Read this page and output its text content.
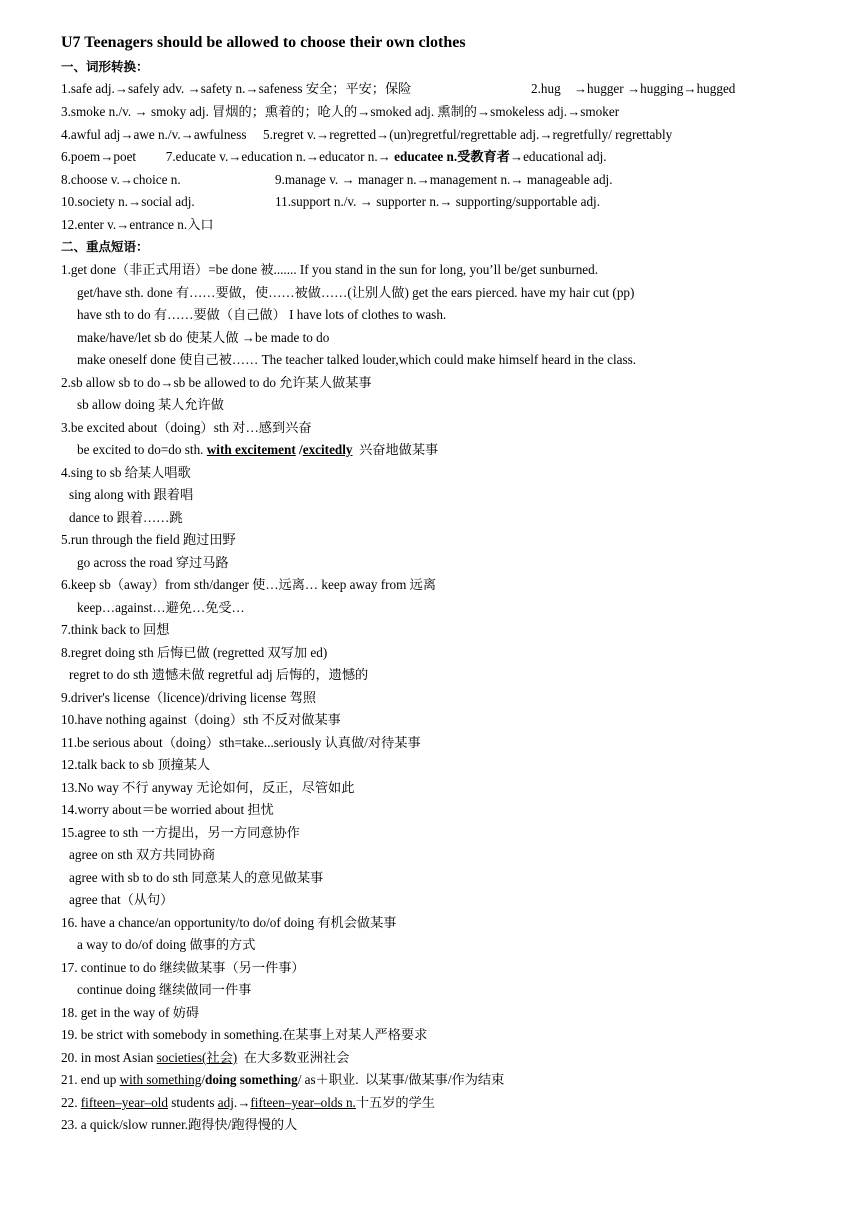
U7 Teenagers should be allowed to choose their own clothes
一、词形转换：
1.safe adj.→safely adv. →safety n.→safeness 安全；平安；保险	2.hug    →hugger →hugging→hugged
3.smoke n./v. → smoky adj. 冒烟的；熏着的；呛人的→smoked adj. 熏制的→smokeless adj.→smoker
4.awful adj→awe n./v.→awfulness     5.regret v.→regretted→(un)regretful/regrettable adj.→regretfully/ regrettably
6.poem→poet         7.educate v.→education n.→educator n.→ educatee n.受教育者→educational adj.
8.choose v.→choice n.	9.manage v. → manager n.→management n.→ manageable adj.
10.society n.→social adj.	11.support n./v. → supporter n.→ supporting/supportable adj.
12.enter v.→entrance n.入口
二、重点短语：
1.get done（非正式用语）=be done 被....... If you stand in the sun for long, you’ll be/get sunburned.
get/have sth. done 有……要做，使……被做……(让别人做) get the ears pierced. have my hair cut (pp)
have sth to do 有……要做（自己做） I have lots of clothes to wash.
make/have/let sb do 使某人做 →be made to do
make oneself done 使自己被…… The teacher talked louder,which could make himself heard in the class.
2.sb allow sb to do→sb be allowed to do 允许某人做某事
sb allow doing 某人允许做
3.be excited about（doing）sth 对…感到兴奋
be excited to do=do sth. with excitement /excitedly  兴奋地做某事
4.sing to sb 给某人唱歌
sing along with 跟着唱
dance to 跟着……跳
5.run through the field 跑过田野
go across the road 穿过马路
6.keep sb（away）from sth/danger 使…远离… keep away from 远离
keep…against…避免…免受…
7.think back to 回想
8.regret doing sth 后悔已做 (regretted 双写加 ed)
regret to do sth 遗憾未做 regretful adj 后悔的，遗憾的
9.driver's license（licence)/driving license 驾照
10.have nothing against（doing）sth 不反对做某事
11.be serious about（doing）sth=take...seriously 认真做/对待某事
12.talk back to sb 顶撞某人
13.No way 不行 anyway 无论如何，反正，尽管如此
14.worry about＝be worried about 担忧
15.agree to sth 一方提出，另一方同意协作
agree on sth 双方共同协商
agree with sb to do sth 同意某人的意见做某事
agree that（从句）
16. have a chance/an opportunity/to do/of doing 有机会做某事
a way to do/of doing 做事的方式
17. continue to do 继续做某事（另一件事）
continue doing 继续做同一件事
18. get in the way of 妨碍
19. be strict with somebody in something.在某事上对某人严格要求
20. in most Asian societies(社会)  在大多数亚洲社会
21. end up with something/doing something/ as＋职业.  以某事/做某事/作为结束
22. fifteen–year–old students adj.→fifteen–year–olds n.十五岁的学生
23. a quick/slow runner.跑得快/跑得慢的人
